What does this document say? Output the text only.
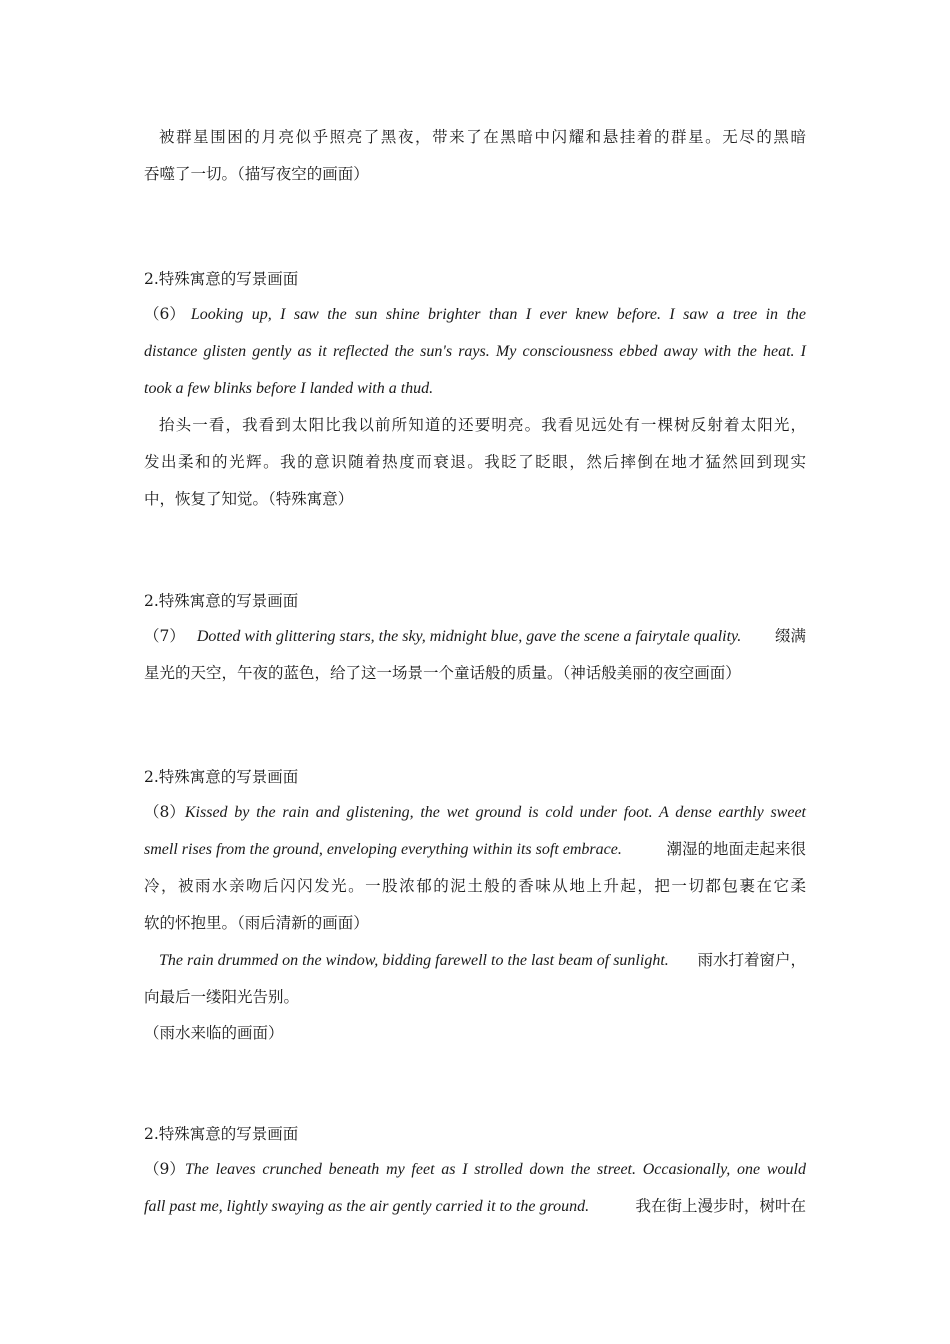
被群星围困的月亮似乎照亮了黑夜，带来了在黑暗中闪耀和悬挂着的群星。无尽的黑暗
吞噬了一切。（描写夜空的画面）
2.特殊寓意的写景画面
（6） Looking up, I saw the sun shine brighter than I ever knew before. I saw a tree in the
distance glisten gently as it reflected the sun's rays. My consciousness ebbed away with the heat. I
took a few blinks before I landed with a thud.
抬头一看，我看到太阳比我以前所知道的还要明亮。我看见远处有一棵树反射着太阳光，
发出柔和的光辉。我的意识随着热度而衰退。我眨了眨眼，然后摔倒在地才猛然回到现实
中，恢复了知觉。（特殊寓意）
2.特殊寓意的写景画面
（7） Dotted with glittering stars, the sky, midnight blue, gave the scene a fairytale quality. 缀满
星光的天空，午夜的蓝色，给了这一场景一个童话般的质量。（神话般美丽的夜空画面）
2.特殊寓意的写景画面
（8） Kissed by the rain and glistening, the wet ground is cold under foot. A dense earthly sweet
smell rises from the ground, enveloping everything within its soft embrace.	潮湿的地面走起来很
冷，被雨水亲吻后闪闪发光。一股浓郁的泥土般的香味从地上升起，把一切都包裹在它柔
软的怀抱里。（雨后清新的画面）
The rain drummed on the window, bidding farewell to the last beam of sunlight. 雨水打着窗户，
向最后一缕阳光告别。
（雨水来临的画面）
2.特殊寓意的写景画面
（9） The leaves crunched beneath my feet as I strolled down the street. Occasionally, one would
fall past me, lightly swaying as the air gently carried it to the ground.	我在街上漫步时，树叶在
